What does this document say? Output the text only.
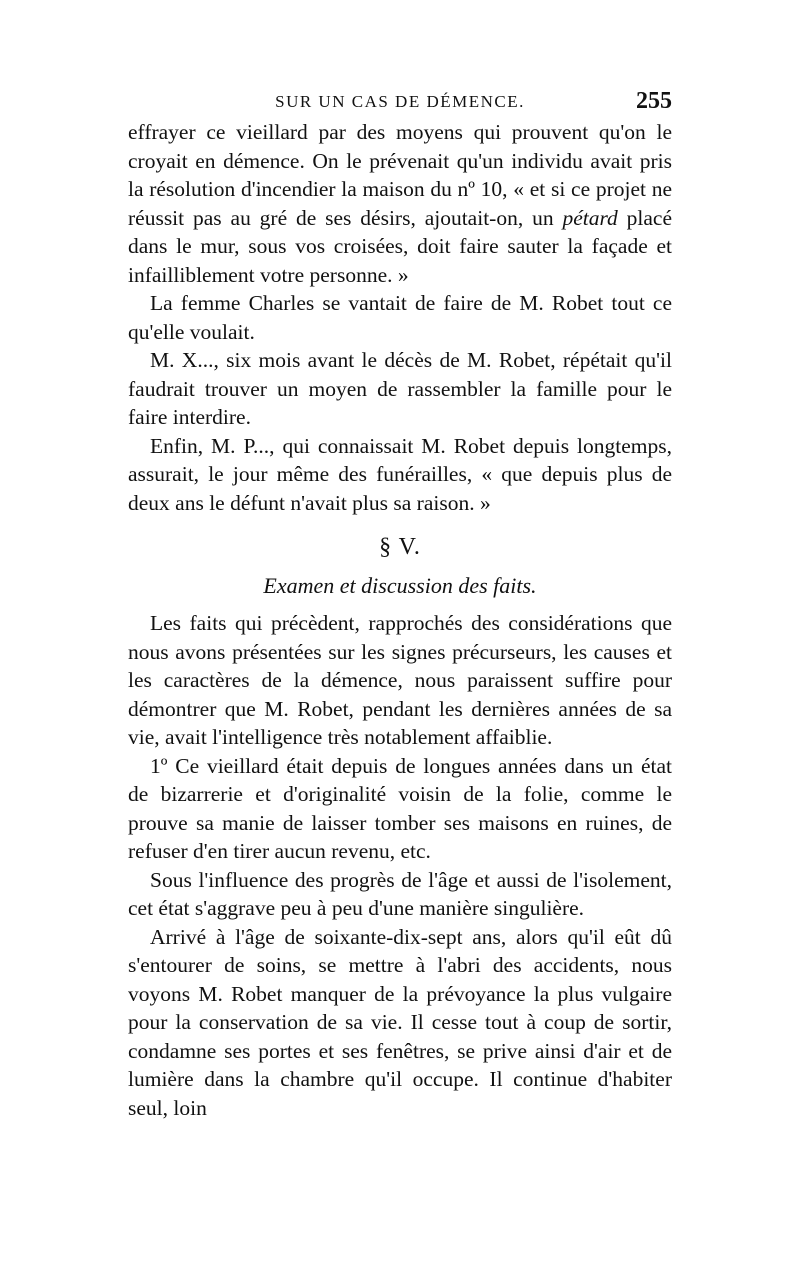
SUR UN CAS DE DÉMENCE.	255

effrayer ce vieillard par des moyens qui prouvent qu'on le croyait en démence. On le prévenait qu'un individu avait pris la résolution d'incendier la maison du nº 10, « et si ce projet ne réussit pas au gré de ses désirs, ajoutait-on, un pétard placé dans le mur, sous vos croisées, doit faire sauter la façade et infailliblement votre personne. »

La femme Charles se vantait de faire de M. Robet tout ce qu'elle voulait.

M. X..., six mois avant le décès de M. Robet, répétait qu'il faudrait trouver un moyen de rassembler la famille pour le faire interdire.

Enfin, M. P..., qui connaissait M. Robet depuis longtemps, assurait, le jour même des funérailles, « que depuis plus de deux ans le défunt n'avait plus sa raison. »

§ V.
Examen et discussion des faits.

Les faits qui précèdent, rapprochés des considérations que nous avons présentées sur les signes précurseurs, les causes et les caractères de la démence, nous paraissent suffire pour démontrer que M. Robet, pendant les dernières années de sa vie, avait l'intelligence très notablement affaiblie.

1º Ce vieillard était depuis de longues années dans un état de bizarrerie et d'originalité voisin de la folie, comme le prouve sa manie de laisser tomber ses maisons en ruines, de refuser d'en tirer aucun revenu, etc.

Sous l'influence des progrès de l'âge et aussi de l'isolement, cet état s'aggrave peu à peu d'une manière singulière.

Arrivé à l'âge de soixante-dix-sept ans, alors qu'il eût dû s'entourer de soins, se mettre à l'abri des accidents, nous voyons M. Robet manquer de la prévoyance la plus vulgaire pour la conservation de sa vie. Il cesse tout à coup de sortir, condamne ses portes et ses fenêtres, se prive ainsi d'air et de lumière dans la chambre qu'il occupe. Il continue d'habiter seul, loin
